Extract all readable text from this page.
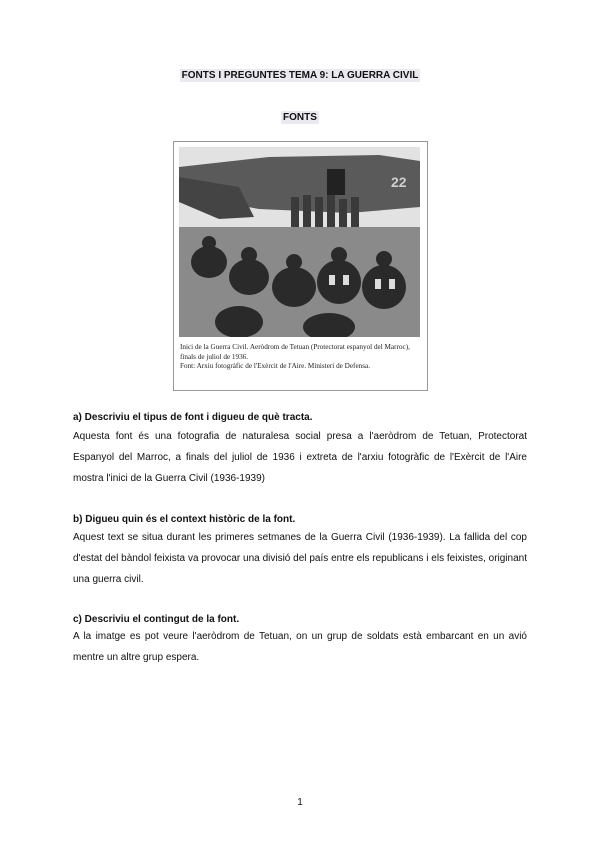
FONTS I PREGUNTES TEMA 9: LA GUERRA CIVIL
FONTS
22
Inici de la Guerra Civil. Aeròdrom de Tetuan (Protectorat espanyol del Marroc),
finals de juliol de 1936.
Font: Arxiu fotogràfic de l'Exèrcit de l'Aire. Ministeri de Defensa.
a) Descriviu el tipus de font i digueu de què tracta.
Aquesta font és una fotografia de naturalesa social presa a l'aeròdrom de Tetuan, Protectorat Espanyol del Marroc, a finals del juliol de 1936 i extreta de l'arxiu fotogràfic de l'Exèrcit de l'Aire mostra l'inici de la Guerra Civil (1936-1939)
b) Digueu quin és el context històric de la font.
Aquest text se situa durant les primeres setmanes de la Guerra Civil (1936-1939). La fallida del cop d'estat del bàndol feixista va provocar una divisió del país entre els republicans i els feixistes, originant una guerra civil.
c) Descriviu el contingut de la font.
A la imatge es pot veure l'aeròdrom de Tetuan, on un grup de soldats està embarcant en un avió mentre un altre grup espera.
1
